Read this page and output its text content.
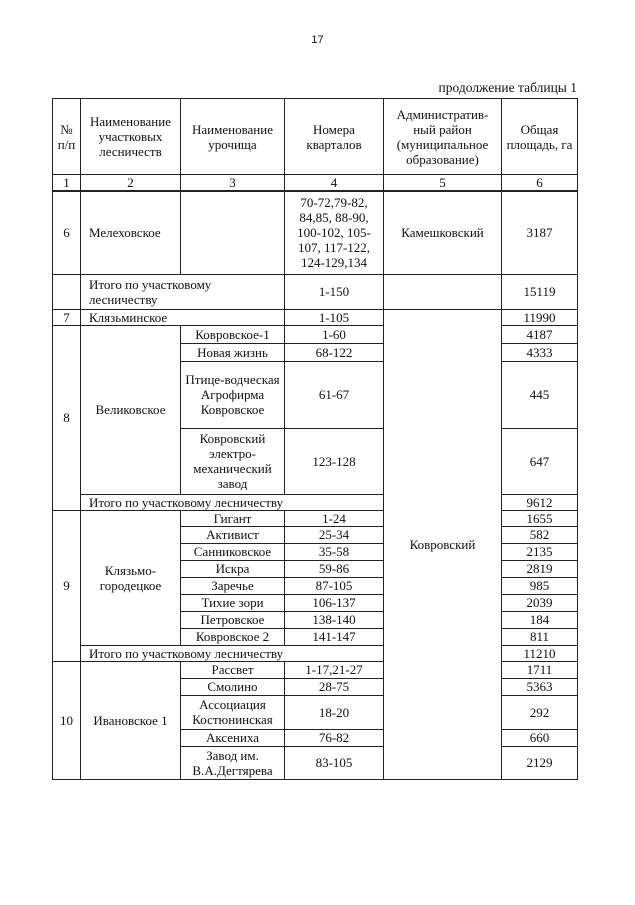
17
продолжение таблицы 1
№ п/п	Наименование участковых лесничеств	Наименование урочища	Номера кварталов	Административ-ный район (муниципальное образование)	Общая площадь, га
1	2	3	4	5	6
6	Мелеховское		70-72,79-82, 84,85, 88-90, 100-102, 105-107, 117-122, 124-129,134	Камешковский	3187
	Итого по участковому лесничеству		1-150		15119
7	Клязьминское		1-105	Ковровский	11990
8	Великовское	Ковровское-1	1-60		4187
		Новая жизнь	68-122		4333
		Птице-водческая Агрофирма Ковровское	61-67		445
		Ковровский электро-механический завод	123-128		647
	Итого по участковому лесничеству				9612
9	Клязьмо-городецкое	Гигант	1-24		1655
		Активист	25-34		582
		Санниковское	35-58		2135
		Искра	59-86		2819
		Заречье	87-105		985
		Тихие зори	106-137		2039
		Петровское	138-140		184
		Ковровское 2	141-147		811
	Итого по участковому лесничеству				11210
10	Ивановское 1	Рассвет	1-17,21-27		1711
		Смолино	28-75		5363
		Ассоциация Костюнинская	18-20		292
		Аксениха	76-82		660
		Завод им. В.А.Дегтярева	83-105		2129
